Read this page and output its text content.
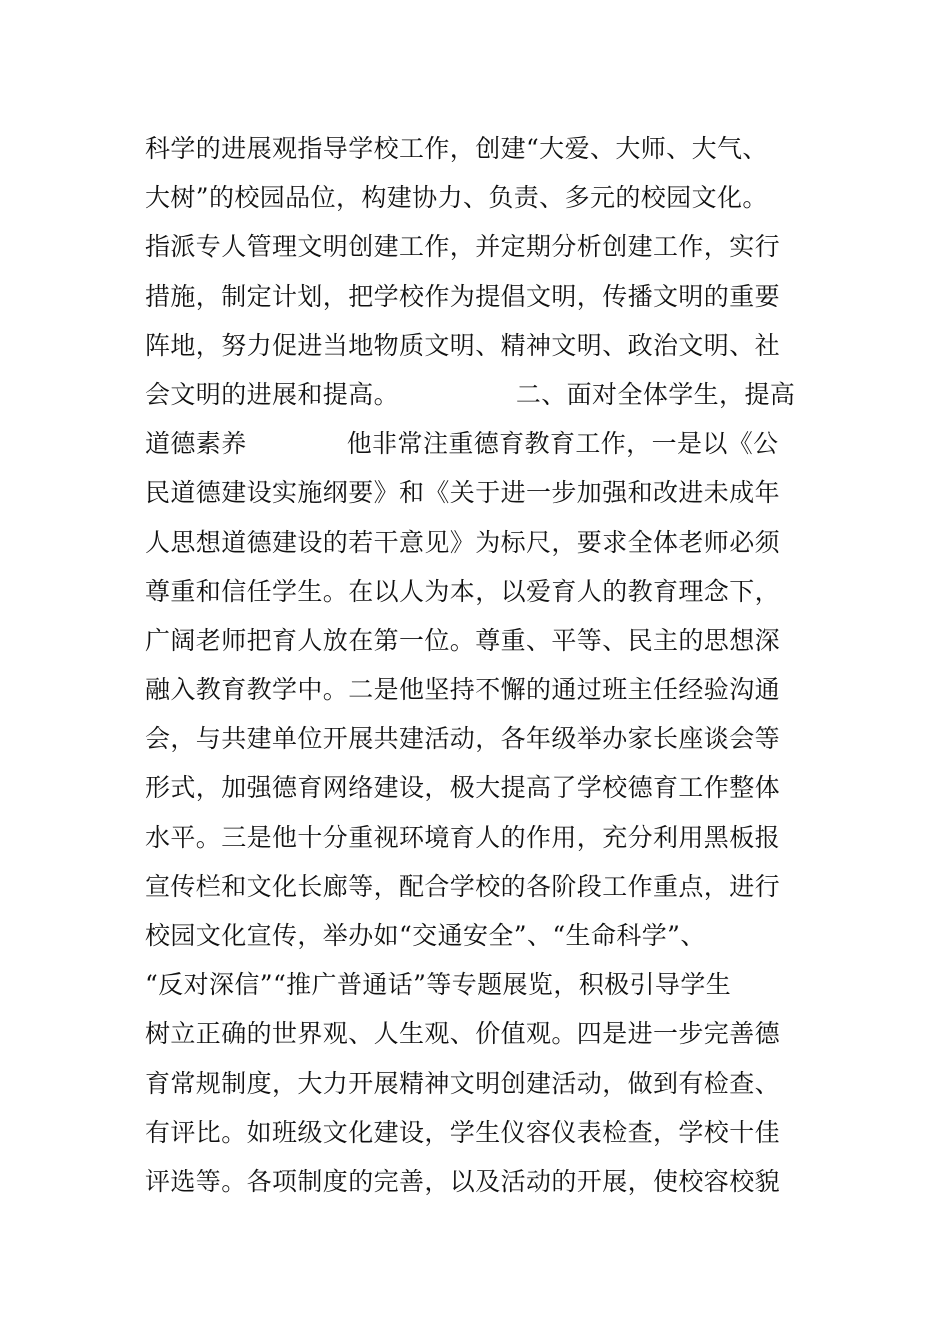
科学的进展观指导学校工作，创建“大爱、大师、大气、
大树”的校园品位，构建协力、负责、多元的校园文化。
指派专人管理文明创建工作，并定期分析创建工作，实行
措施，制定计划，把学校作为提倡文明，传播文明的重要
阵地，努力促进当地物质文明、精神文明、政治文明、社
会文明的进展和提高。              二、面对全体学生，提高
道德素养            他非常注重德育教育工作，一是以《公
民道德建设实施纲要》和《关于进一步加强和改进未成年
人思想道德建设的若干意见》为标尺，要求全体老师必须
尊重和信任学生。在以人为本，以爱育人的教育理念下，
广阔老师把育人放在第一位。尊重、平等、民主的思想深
融入教育教学中。二是他坚持不懈的通过班主任经验沟通
会，与共建单位开展共建活动，各年级举办家长座谈会等
形式，加强德育网络建设，极大提高了学校德育工作整体
水平。三是他十分重视环境育人的作用，充分利用黑板报
宣传栏和文化长廊等，配合学校的各阶段工作重点，进行
校园文化宣传，举办如“交通安全”、“生命科学”、
“反对深信”“推广普通话”等专题展览，积极引导学生
树立正确的世界观、人生观、价值观。四是进一步完善德
育常规制度，大力开展精神文明创建活动，做到有检查、
有评比。如班级文化建设，学生仪容仪表检查，学校十佳
评选等。各项制度的完善，以及活动的开展，使校容校貌
